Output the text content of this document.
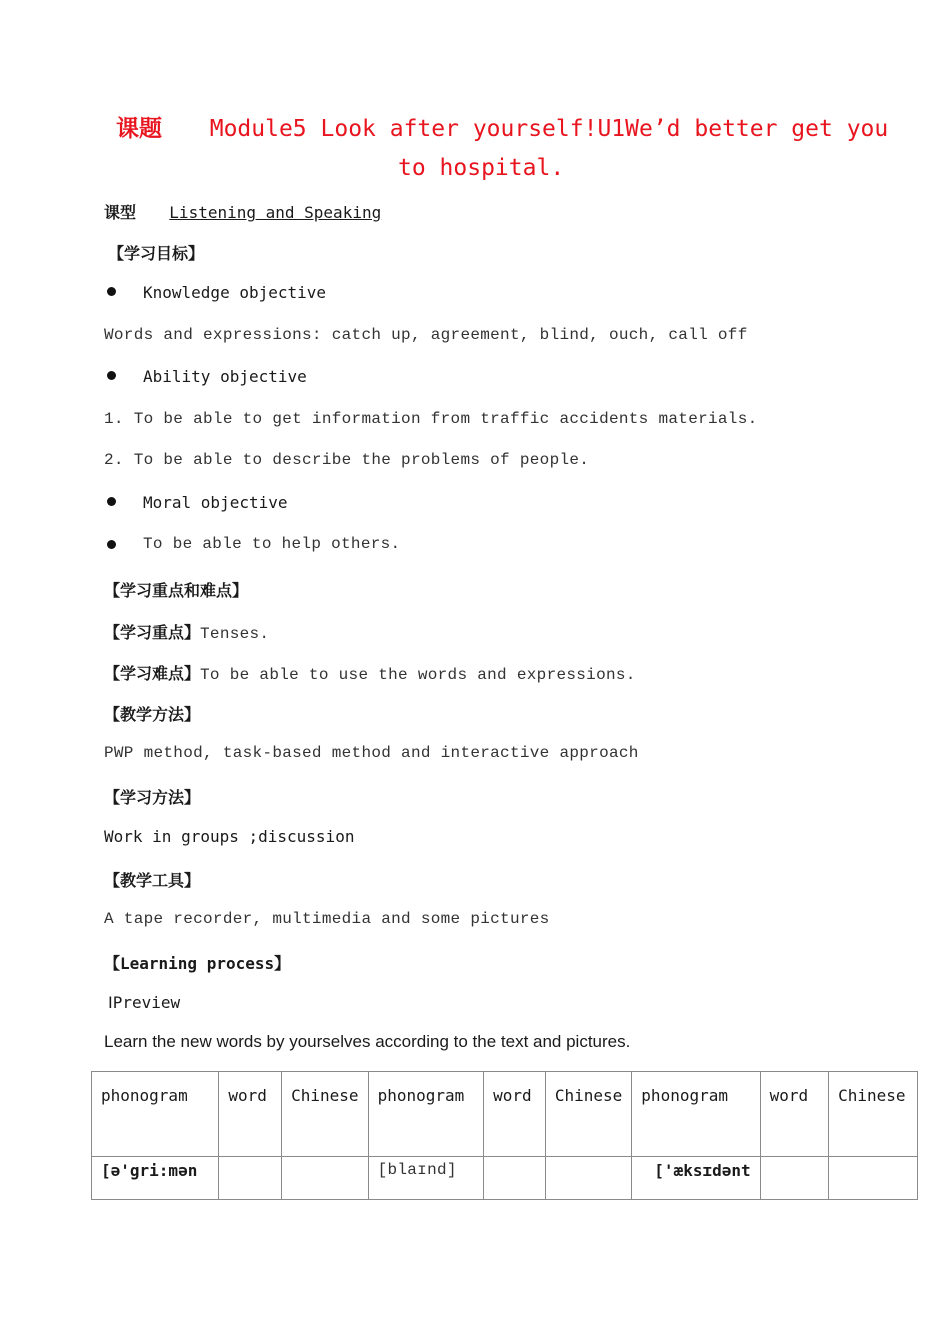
课题 Module5 Look after yourself!U1We’d better get you
to hospital.
课型 Listening and Speaking
【学习目标】
Knowledge objective
Words and expressions: catch up, agreement, blind, ouch, call off
Ability objective
1. To be able to get information from traffic accidents materials.
2. To be able to describe the problems of people.
Moral objective
To be able to help others.
【学习重点和难点】
【学习重点】Tenses.
【学习难点】To be able to use the words and expressions.
【教学方法】
PWP method, task-based method and interactive approach
【学习方法】
Work in groups ;discussion
【教学工具】
A tape recorder, multimedia and some pictures
【Learning process】
ⅠPreview
Learn the new words by yourselves according to the text and pictures.
phonogram	word	Chinese	phonogram	word	Chinese	phonogram	word	Chinese
[ə'gri:mən			[blaɪnd]			['æksɪdənt		
